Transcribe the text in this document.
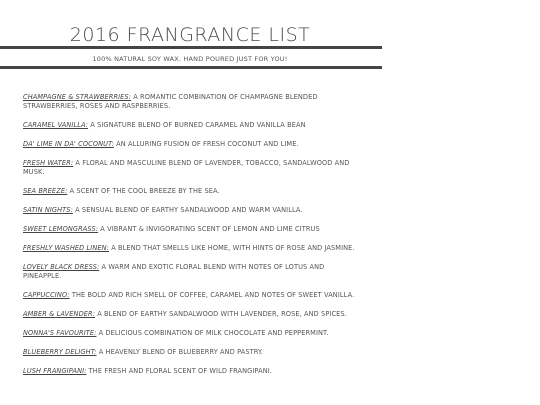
2016 FRANGRANCE LIST
100% NATURAL SOY WAX. HAND POURED JUST FOR YOU!
CHAMPAGNE & STRAWBERRIES: A ROMANTIC COMBINATION OF CHAMPAGNE BLENDED STRAWBERRIES, ROSES AND RASPBERRIES.
CARAMEL VANILLA: A SIGNATURE BLEND OF BURNED CARAMEL AND VANILLA BEAN
DA' LIME IN DA' COCONUT: AN ALLURING FUSION OF FRESH COCONUT AND LIME.
FRESH WATER: A FLORAL AND MASCULINE BLEND OF LAVENDER, TOBACCO, SANDALWOOD AND MUSK.
SEA BREEZE: A SCENT OF THE COOL BREEZE BY THE SEA.
SATIN NIGHTS: A SENSUAL BLEND OF EARTHY SANDALWOOD AND WARM VANILLA.
SWEET LEMONGRASS: A VIBRANT & INVIGORATING SCENT OF LEMON AND LIME CITRUS
FRESHLY WASHED LINEN: A BLEND THAT SMELLS LIKE HOME, WITH HINTS OF ROSE AND JASMINE.
LOVELY BLACK DRESS: A WARM AND EXOTIC FLORAL BLEND WITH NOTES OF LOTUS AND PINEAPPLE.
CAPPUCCINO: THE BOLD AND RICH SMELL OF COFFEE, CARAMEL AND NOTES OF SWEET VANILLA.
AMBER & LAVENDER: A BLEND OF EARTHY SANDALWOOD WITH LAVENDER, ROSE, AND SPICES.
NONNA'S FAVOURITE: A DELICIOUS COMBINATION OF MILK CHOCOLATE AND PEPPERMINT.
BLUEBERRY DELIGHT: A HEAVENLY BLEND OF BLUEBERRY AND PASTRY.
LUSH FRANGIPANI: THE FRESH AND FLORAL SCENT OF WILD FRANGIPANI.
